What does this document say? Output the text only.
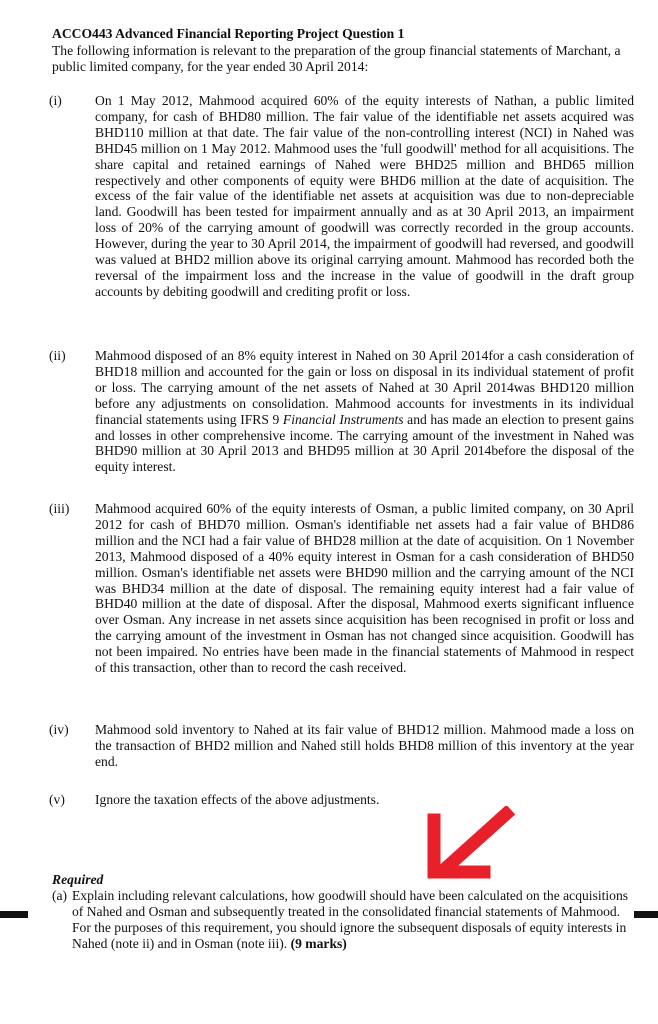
ACCO443 Advanced Financial Reporting Project Question 1
The following information is relevant to the preparation of the group financial statements of Marchant, a public limited company, for the year ended 30 April 2014:
(i) On 1 May 2012, Mahmood acquired 60% of the equity interests of Nathan, a public limited company, for cash of BHD80 million. The fair value of the identifiable net assets acquired was BHD110 million at that date. The fair value of the non-controlling interest (NCI) in Nahed was BHD45 million on 1 May 2012. Mahmood uses the 'full goodwill' method for all acquisitions. The share capital and retained earnings of Nahed were BHD25 million and BHD65 million respectively and other components of equity were BHD6 million at the date of acquisition. The excess of the fair value of the identifiable net assets at acquisition was due to non-depreciable land. Goodwill has been tested for impairment annually and as at 30 April 2013, an impairment loss of 20% of the carrying amount of goodwill was correctly recorded in the group accounts. However, during the year to 30 April 2014, the impairment of goodwill had reversed, and goodwill was valued at BHD2 million above its original carrying amount. Mahmood has recorded both the reversal of the impairment loss and the increase in the value of goodwill in the draft group accounts by debiting goodwill and crediting profit or loss.
(ii) Mahmood disposed of an 8% equity interest in Nahed on 30 April 2014for a cash consideration of BHD18 million and accounted for the gain or loss on disposal in its individual statement of profit or loss. The carrying amount of the net assets of Nahed at 30 April 2014was BHD120 million before any adjustments on consolidation. Mahmood accounts for investments in its individual financial statements using IFRS 9 Financial Instruments and has made an election to present gains and losses in other comprehensive income. The carrying amount of the investment in Nahed was BHD90 million at 30 April 2013 and BHD95 million at 30 April 2014before the disposal of the equity interest.
(iii) Mahmood acquired 60% of the equity interests of Osman, a public limited company, on 30 April 2012 for cash of BHD70 million. Osman's identifiable net assets had a fair value of BHD86 million and the NCI had a fair value of BHD28 million at the date of acquisition. On 1 November 2013, Mahmood disposed of a 40% equity interest in Osman for a cash consideration of BHD50 million. Osman's identifiable net assets were BHD90 million and the carrying amount of the NCI was BHD34 million at the date of disposal. The remaining equity interest had a fair value of BHD40 million at the date of disposal. After the disposal, Mahmood exerts significant influence over Osman. Any increase in net assets since acquisition has been recognised in profit or loss and the carrying amount of the investment in Osman has not changed since acquisition. Goodwill has not been impaired. No entries have been made in the financial statements of Mahmood in respect of this transaction, other than to record the cash received.
(iv) Mahmood sold inventory to Nahed at its fair value of BHD12 million. Mahmood made a loss on the transaction of BHD2 million and Nahed still holds BHD8 million of this inventory at the year end.
(v) Ignore the taxation effects of the above adjustments.
Required
(a) Explain including relevant calculations, how goodwill should have been calculated on the acquisitions of Nahed and Osman and subsequently treated in the consolidated financial statements of Mahmood. For the purposes of this requirement, you should ignore the subsequent disposals of equity interests in Nahed (note ii) and in Osman (note iii). (9 marks)
